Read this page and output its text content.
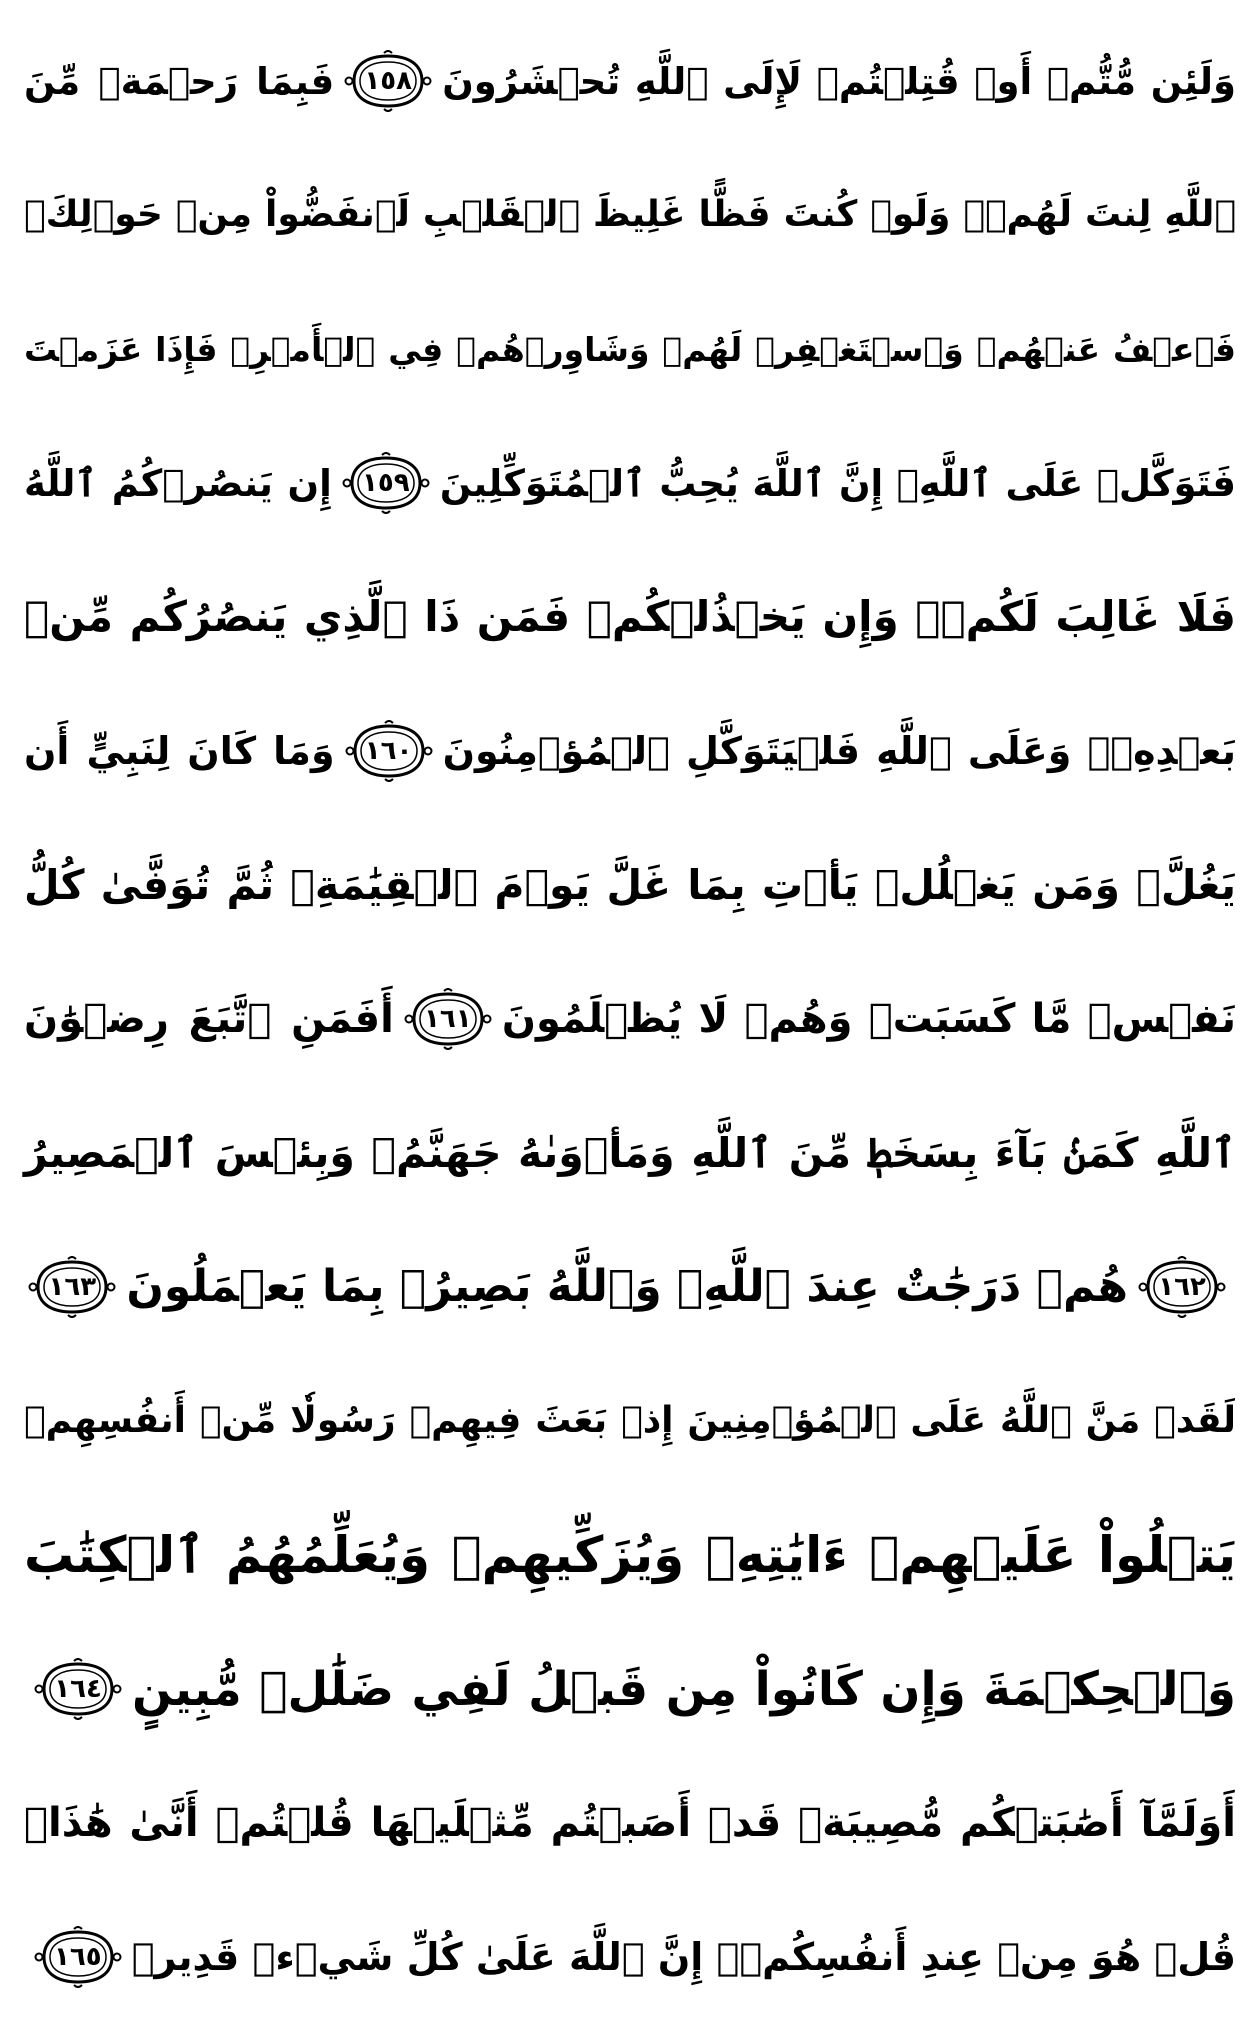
وَلَئِن مُّتُّمۡ أَوۡ قُتِلۡتُمۡ لَإِلَى ٱللَّهِ تُحۡشَرُونَ
١٥٨
فَبِمَا رَحۡمَةٖ مِّنَ
ٱللَّهِ لِنتَ لَهُمۡۖ وَلَوۡ كُنتَ فَظًّا غَلِيظَ ٱلۡقَلۡبِ لَٱنفَضُّواْ مِنۡ حَوۡلِكَۖ
فَٱعۡفُ عَنۡهُمۡ وَٱسۡتَغۡفِرۡ لَهُمۡ وَشَاوِرۡهُمۡ فِي ٱلۡأَمۡرِۖ فَإِذَا عَزَمۡتَ
فَتَوَكَّلۡ عَلَى ٱللَّهِۚ إِنَّ ٱللَّهَ يُحِبُّ ٱلۡمُتَوَكِّلِينَ
١٥٩
إِن يَنصُرۡكُمُ ٱللَّهُ
فَلَا غَالِبَ لَكُمۡۖ وَإِن يَخۡذُلۡكُمۡ فَمَن ذَا ٱلَّذِي يَنصُرُكُم مِّنۢ
بَعۡدِهِۦۗ وَعَلَى ٱللَّهِ فَلۡيَتَوَكَّلِ ٱلۡمُؤۡمِنُونَ
١٦٠
وَمَا كَانَ لِنَبِيٍّ أَن
يَغُلَّۚ وَمَن يَغۡلُلۡ يَأۡتِ بِمَا غَلَّ يَوۡمَ ٱلۡقِيَٰمَةِۚ ثُمَّ تُوَفَّىٰ كُلُّ
نَفۡسٖ مَّا كَسَبَتۡ وَهُمۡ لَا يُظۡلَمُونَ
١٦١
أَفَمَنِ ٱتَّبَعَ رِضۡوَٰنَ
ٱللَّهِ كَمَنۢ بَآءَ بِسَخَطٖ مِّنَ ٱللَّهِ وَمَأۡوَىٰهُ جَهَنَّمُۚ وَبِئۡسَ ٱلۡمَصِيرُ
١٦٢
هُمۡ دَرَجَٰتٌ عِندَ ٱللَّهِۗ وَٱللَّهُ بَصِيرُۢ بِمَا يَعۡمَلُونَ
١٦٣
لَقَدۡ مَنَّ ٱللَّهُ عَلَى ٱلۡمُؤۡمِنِينَ إِذۡ بَعَثَ فِيهِمۡ رَسُولٗا مِّنۡ أَنفُسِهِمۡ
يَتۡلُواْ عَلَيۡهِمۡ ءَايَٰتِهِۦ وَيُزَكِّيهِمۡ وَيُعَلِّمُهُمُ ٱلۡكِتَٰبَ
وَٱلۡحِكۡمَةَ وَإِن كَانُواْ مِن قَبۡلُ لَفِي ضَلَٰلٖ مُّبِينٍ
١٦٤
أَوَلَمَّآ أَصَٰبَتۡكُم مُّصِيبَةٞ قَدۡ أَصَبۡتُم مِّثۡلَيۡهَا قُلۡتُمۡ أَنَّىٰ هَٰذَاۖ
قُلۡ هُوَ مِنۡ عِندِ أَنفُسِكُمۡۗ إِنَّ ٱللَّهَ عَلَىٰ كُلِّ شَيۡءٖ قَدِيرٞ
١٦٥
